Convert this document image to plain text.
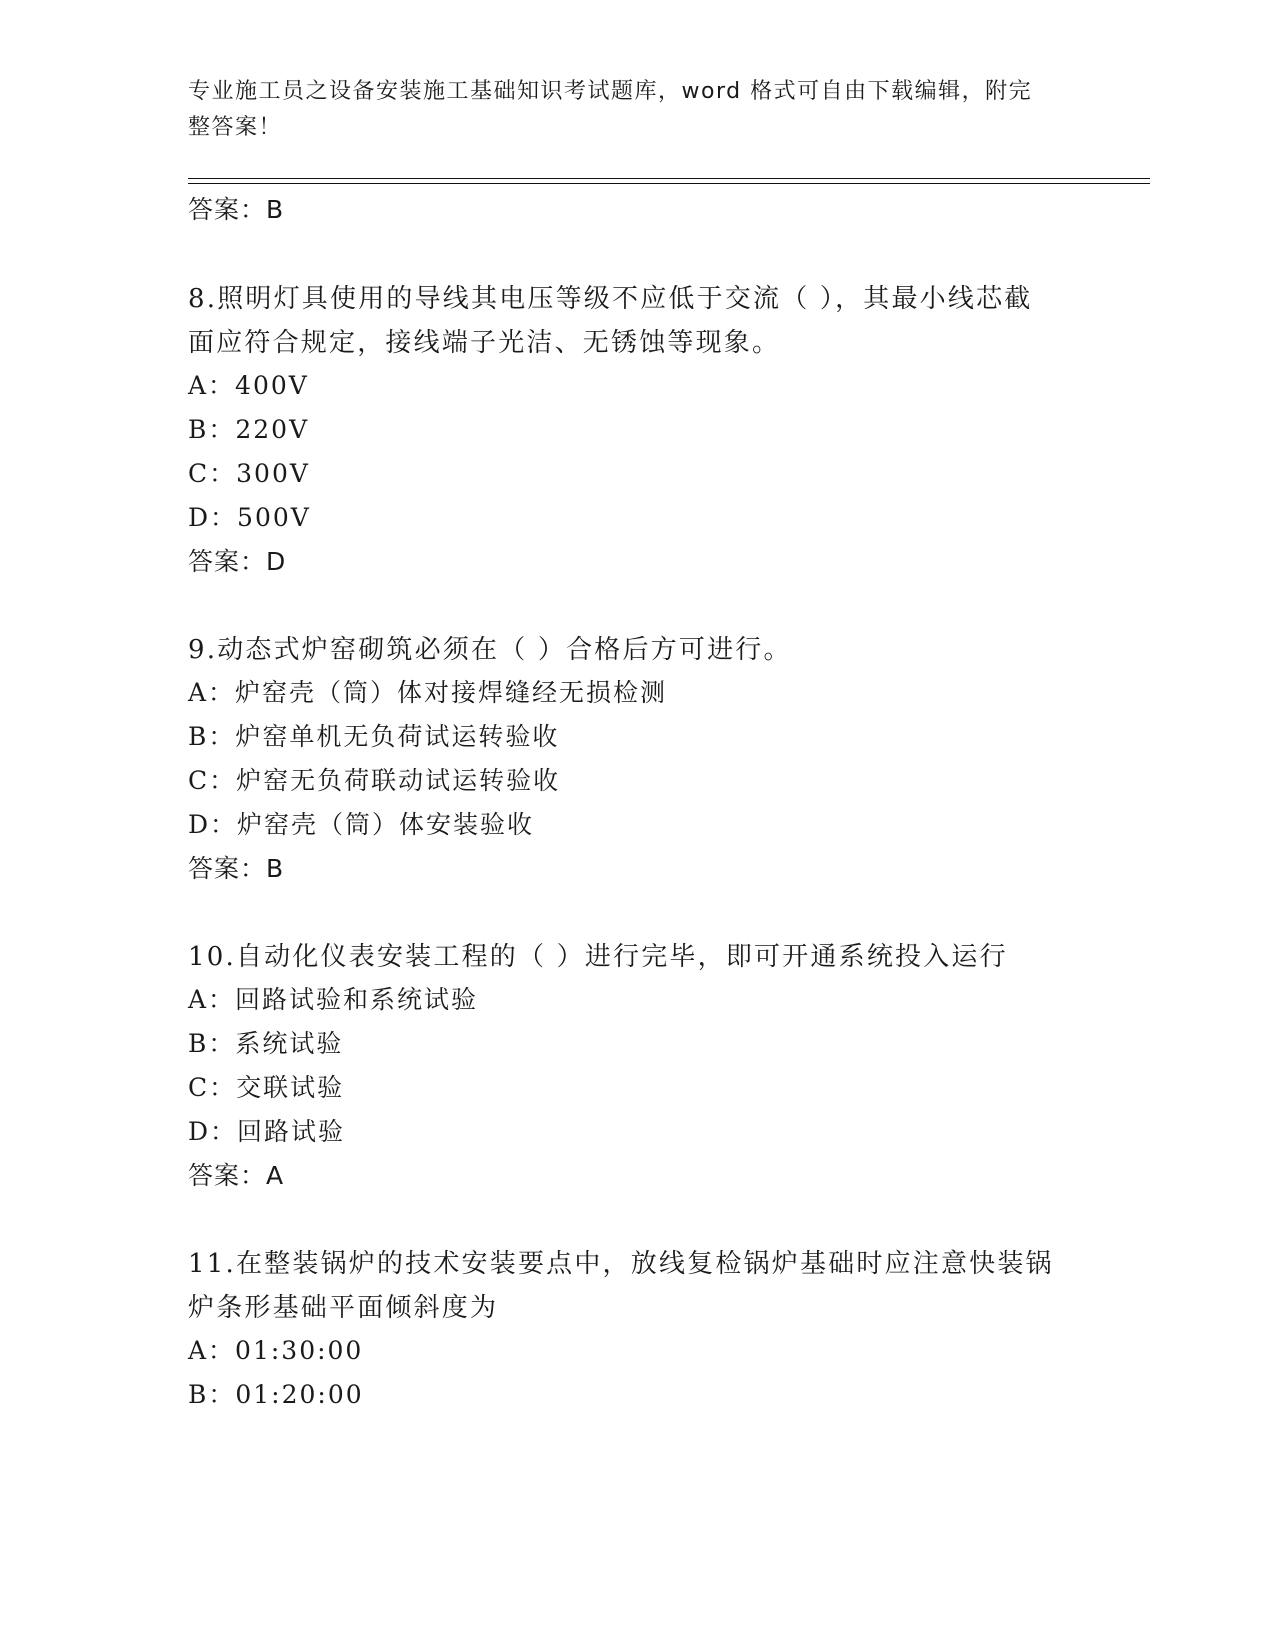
专业施工员之设备安装施工基础知识考试题库，word 格式可自由下载编辑，附完
整答案！
答案：B
8.照明灯具使用的导线其电压等级不应低于交流（ ），其最小线芯截
面应符合规定，接线端子光洁、无锈蚀等现象。
A：400V
B：220V
C：300V
D：500V
答案：D
9.动态式炉窑砌筑必须在（ ）合格后方可进行。
A：炉窑壳（筒）体对接焊缝经无损检测
B：炉窑单机无负荷试运转验收
C：炉窑无负荷联动试运转验收
D：炉窑壳（筒）体安装验收
答案：B
10.自动化仪表安装工程的（ ）进行完毕，即可开通系统投入运行
A：回路试验和系统试验
B：系统试验
C：交联试验
D：回路试验
答案：A
11.在整装锅炉的技术安装要点中，放线复检锅炉基础时应注意快装锅
炉条形基础平面倾斜度为
A：01:30:00
B：01:20:00
